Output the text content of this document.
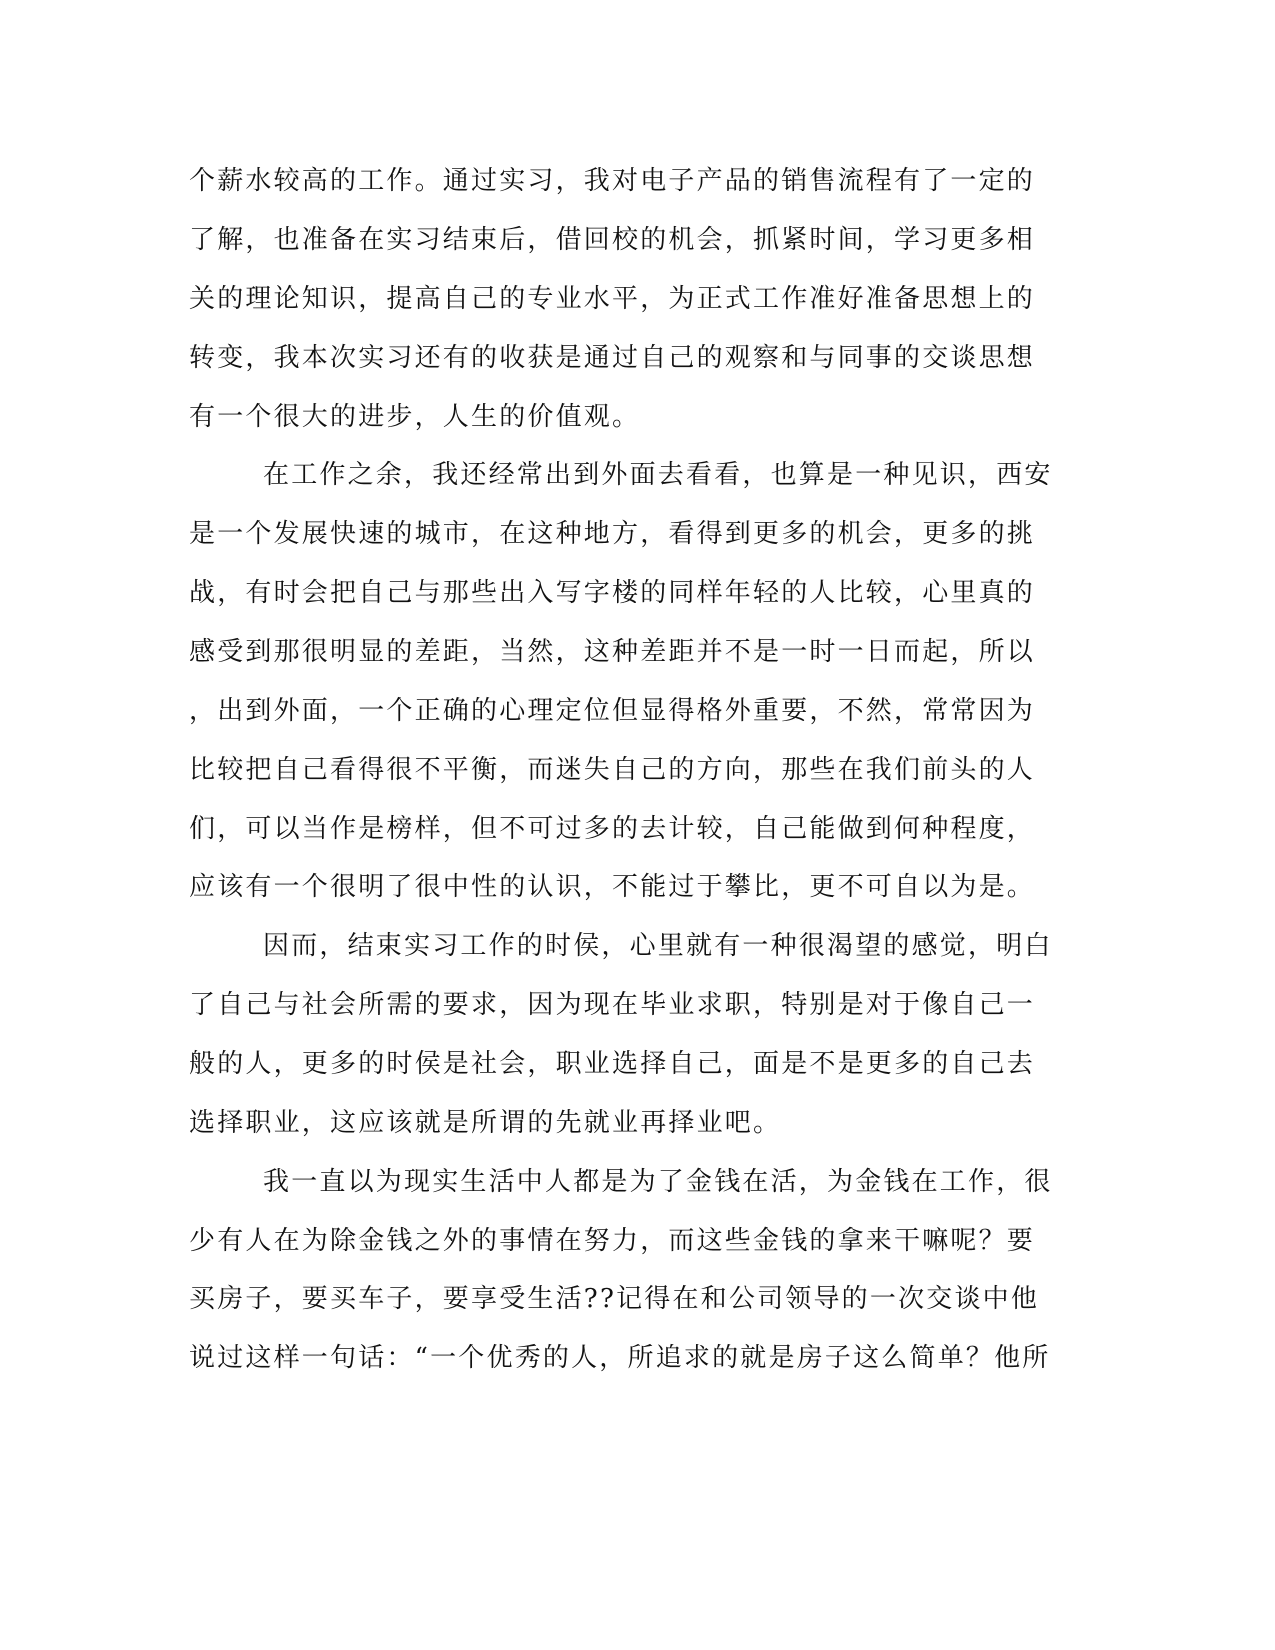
个薪水较高的工作。通过实习，我对电子产品的销售流程有了一定的
了解，也准备在实习结束后，借回校的机会，抓紧时间，学习更多相
关的理论知识，提高自己的专业水平，为正式工作准好准备思想上的
转变，我本次实习还有的收获是通过自己的观察和与同事的交谈思想
有一个很大的进步，人生的价值观。
在工作之余，我还经常出到外面去看看，也算是一种见识，西安
是一个发展快速的城市，在这种地方，看得到更多的机会，更多的挑
战，有时会把自己与那些出入写字楼的同样年轻的人比较，心里真的
感受到那很明显的差距，当然，这种差距并不是一时一日而起，所以
，出到外面，一个正确的心理定位但显得格外重要，不然，常常因为
比较把自己看得很不平衡，而迷失自己的方向，那些在我们前头的人
们，可以当作是榜样，但不可过多的去计较，自己能做到何种程度，
应该有一个很明了很中性的认识，不能过于攀比，更不可自以为是。
因而，结束实习工作的时侯，心里就有一种很渴望的感觉，明白
了自己与社会所需的要求，因为现在毕业求职，特别是对于像自己一
般的人，更多的时侯是社会，职业选择自己，面是不是更多的自己去
选择职业，这应该就是所谓的先就业再择业吧。
我一直以为现实生活中人都是为了金钱在活，为金钱在工作，很
少有人在为除金钱之外的事情在努力，而这些金钱的拿来干嘛呢？要
买房子，要买车子，要享受生活??记得在和公司领导的一次交谈中他
说过这样一句话：“一个优秀的人，所追求的就是房子这么简单？他所
